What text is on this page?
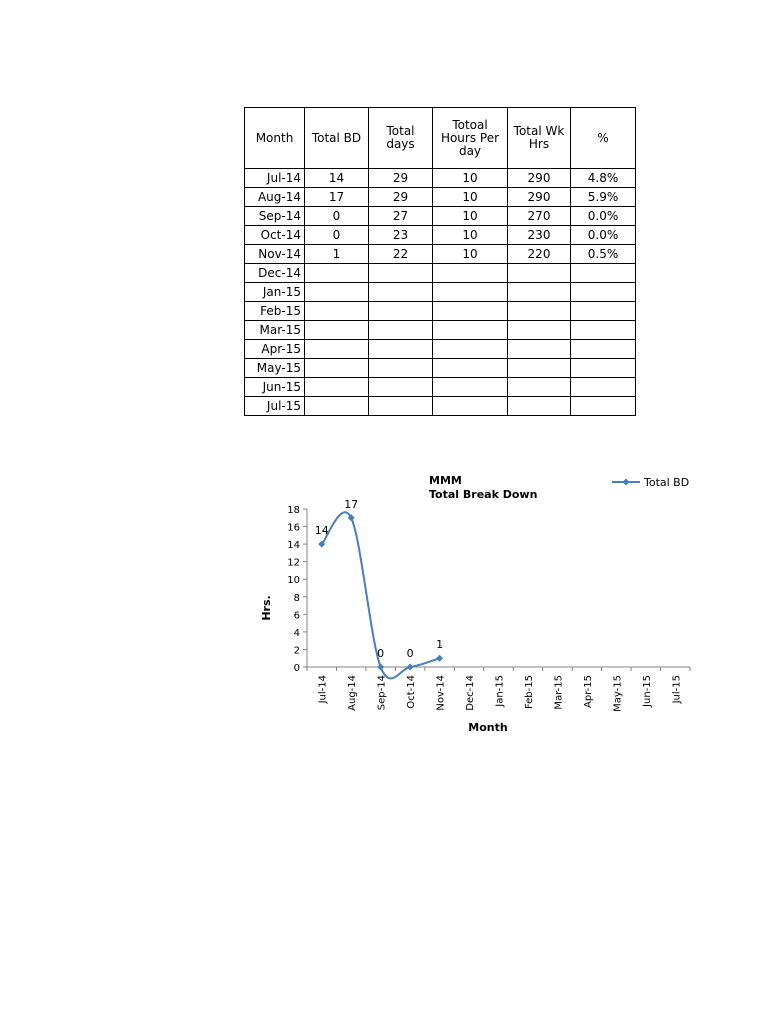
Month	Total BD	Total days	Totoal Hours Per day	Total Wk Hrs	%
Jul-14	14	29	10	290	4.8%
Aug-14	17	29	10	290	5.9%
Sep-14	0	27	10	270	0.0%
Oct-14	0	23	10	230	0.0%
Nov-14	1	22	10	220	0.5%
Dec-14					
Jan-15					
Feb-15					
Mar-15					
Apr-15					
May-15					
Jun-15					
Jul-15					
MMM
Total Break Down
Total BD
0
2
4
6
8
10
12
14
16
18
Jul-14 Aug-14 Sep-14 Oct-14 Nov-14 Dec-14 Jan-15 Feb-15 Mar-15 Apr-15 May-15 Jun-15 Jul-15
Hrs.
Month
14
17
0 0
1
